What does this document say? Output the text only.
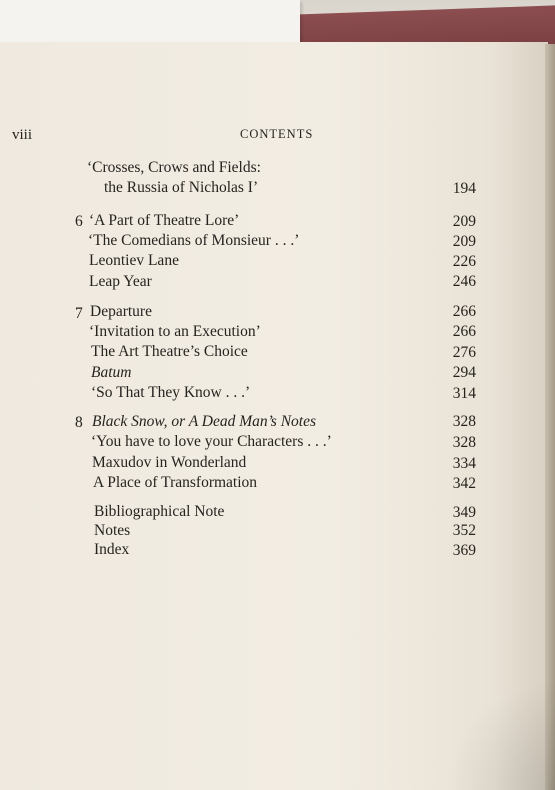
viii	CONTENTS
‘Crosses, Crows and Fields:
the Russia of Nicholas I’	194
6 ‘A Part of Theatre Lore’	209
‘The Comedians of Monsieur . . .’	209
Leontiev Lane	226
Leap Year	246
7 Departure	266
‘Invitation to an Execution’	266
The Art Theatre’s Choice	276
Batum	294
‘So That They Know . . .’	314
8 Black Snow, or A Dead Man’s Notes	328
‘You have to love your Characters . . .’	328
Maxudov in Wonderland	334
A Place of Transformation	342
Bibliographical Note	349
Notes	352
Index	369
